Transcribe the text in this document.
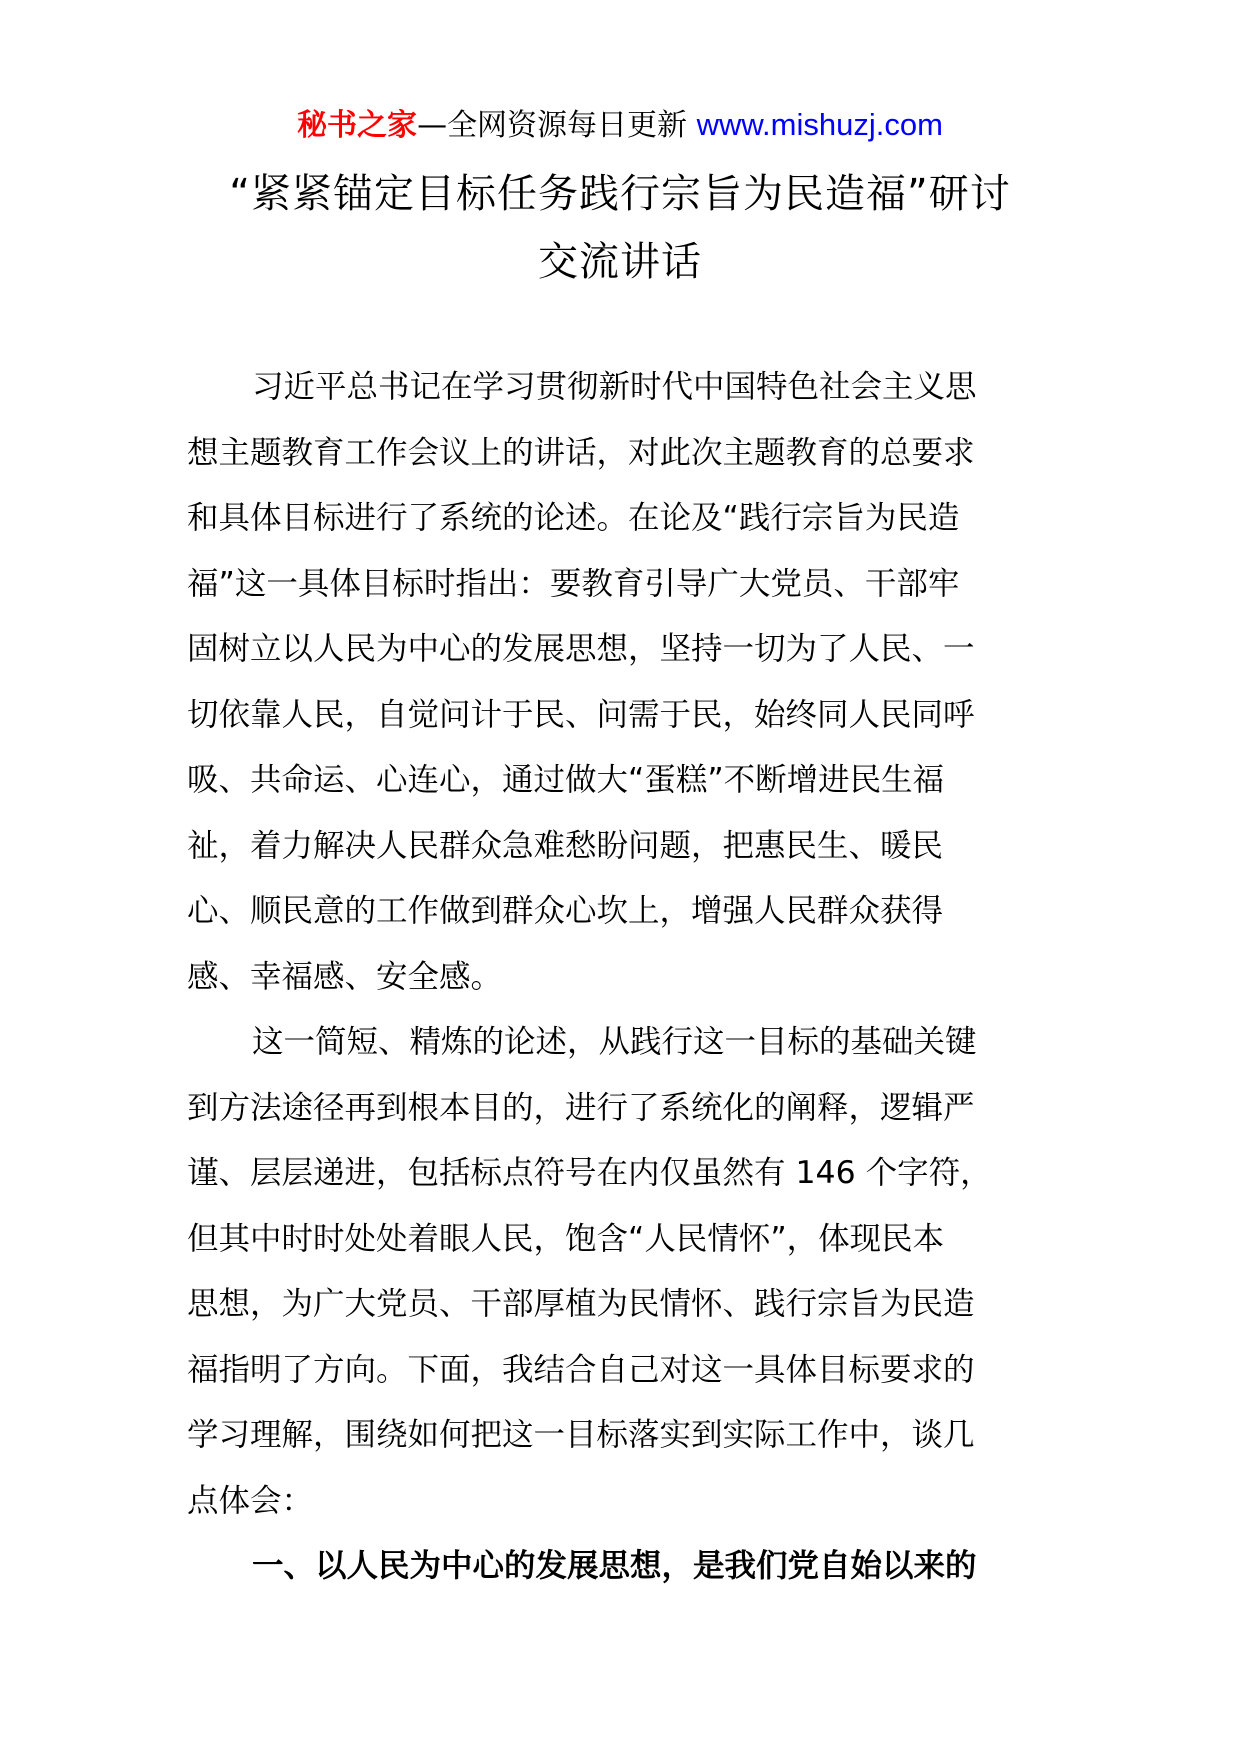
秘书之家—全网资源每日更新 www.mishuzj.com
“紧紧锚定目标任务践行宗旨为民造福”研讨
交流讲话
习近平总书记在学习贯彻新时代中国特色社会主义思
想主题教育工作会议上的讲话，对此次主题教育的总要求
和具体目标进行了系统的论述。在论及“践行宗旨为民造
福”这一具体目标时指出：要教育引导广大党员、干部牢
固树立以人民为中心的发展思想，坚持一切为了人民、一
切依靠人民，自觉问计于民、问需于民，始终同人民同呼
吸、共命运、心连心，通过做大“蛋糕”不断增进民生福
祉，着力解决人民群众急难愁盼问题，把惠民生、暖民
心、顺民意的工作做到群众心坎上，增强人民群众获得
感、幸福感、安全感。
这一简短、精炼的论述，从践行这一目标的基础关键
到方法途径再到根本目的，进行了系统化的阐释，逻辑严
谨、层层递进，包括标点符号在内仅虽然有 146 个字符，
但其中时时处处着眼人民，饱含“人民情怀”，体现民本
思想，为广大党员、干部厚植为民情怀、践行宗旨为民造
福指明了方向。下面，我结合自己对这一具体目标要求的
学习理解，围绕如何把这一目标落实到实际工作中，谈几
点体会：
一、以人民为中心的发展思想，是我们党自始以来的
